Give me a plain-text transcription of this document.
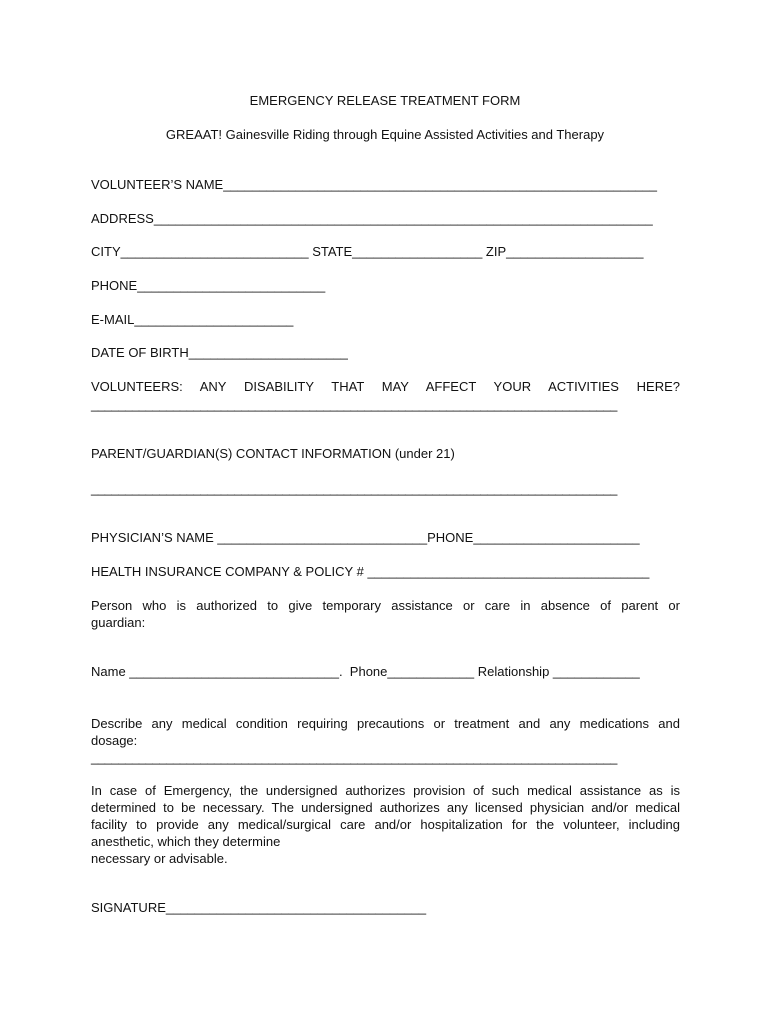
EMERGENCY RELEASE TREATMENT FORM
GREAAT! Gainesville Riding through Equine Assisted Activities and Therapy
VOLUNTEER’S NAME____________________________________________________________
ADDRESS_____________________________________________________________________
CITY__________________________ STATE__________________ ZIP___________________
PHONE__________________________
E-MAIL______________________
DATE OF BIRTH______________________
VOLUNTEERS: ANY DISABILITY THAT MAY AFFECT YOUR ACTIVITIES HERE?
_____________________________________________________________________________
PARENT/GUARDIAN(S) CONTACT INFORMATION (under 21)
_____________________________________________________________________________
PHYSICIAN’S NAME _____________________________PHONE_______________________
HEALTH INSURANCE COMPANY & POLICY # _______________________________________
Person who is authorized to give temporary assistance or care in absence of parent or
guardian:
Name _____________________________.  Phone____________ Relationship ____________
Describe any medical condition requiring precautions or treatment and any medications and
dosage:
_____________________________________________________________________________
In case of Emergency, the undersigned authorizes provision of such medical assistance as is
determined to be necessary. The undersigned authorizes any licensed physician and/or medical
facility to provide any medical/surgical care and/or hospitalization for the volunteer, including
anesthetic, which they determine
necessary or advisable.
SIGNATURE____________________________________
